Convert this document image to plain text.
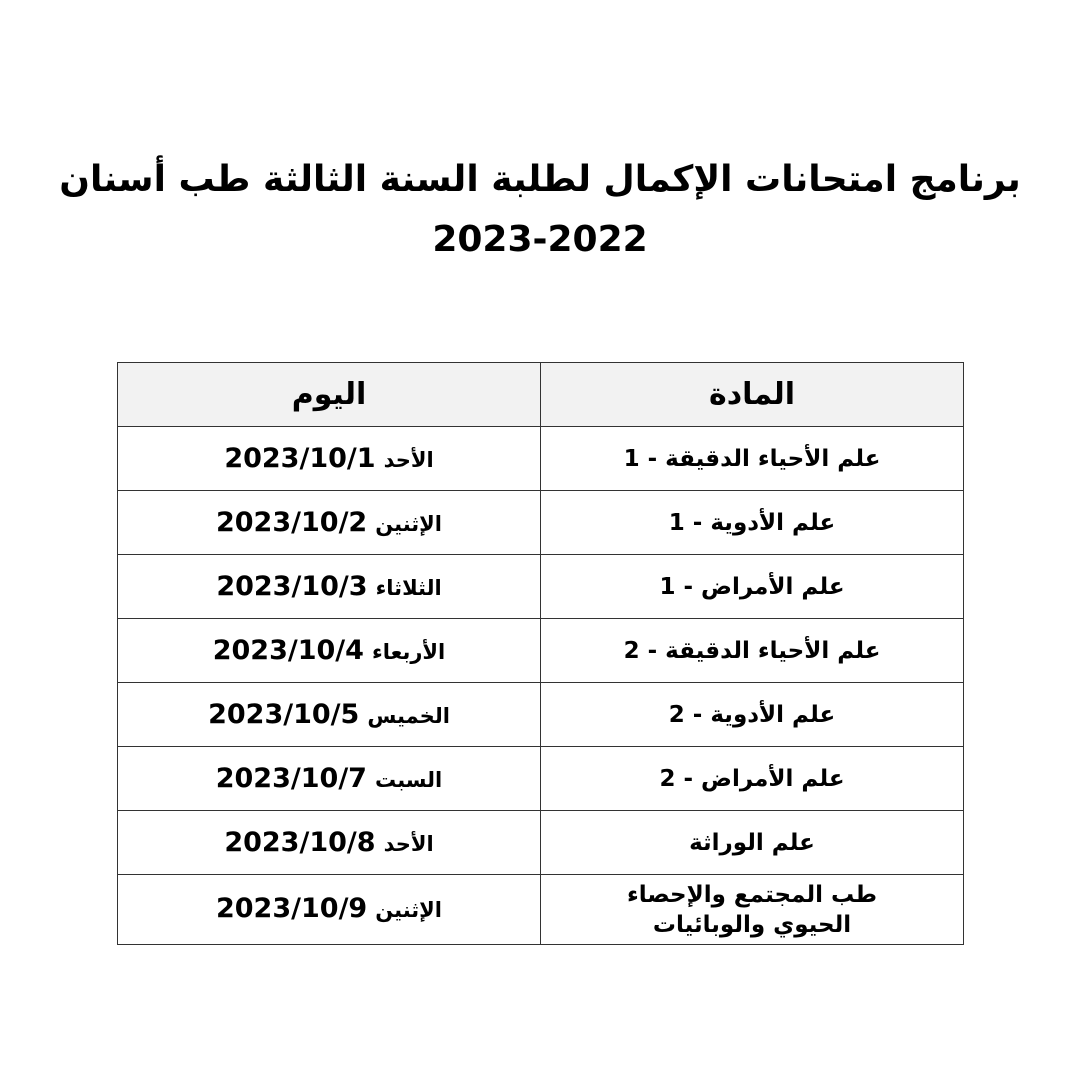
برنامج امتحانات الإكمال لطلبة السنة الثالثة طب أسنان
2023-2022
المادة	اليوم
علم الأحياء الدقيقة - 1	الأحد 2023/10/1
علم الأدوية - 1	الإثنين 2023/10/2
علم الأمراض - 1	الثلاثاء 2023/10/3
علم الأحياء الدقيقة - 2	الأربعاء 2023/10/4
علم الأدوية - 2	الخميس 2023/10/5
علم الأمراض - 2	السبت 2023/10/7
علم الوراثة	الأحد 2023/10/8
طب المجتمع والإحصاء الحيوي والوبائيات	الإثنين 2023/10/9
